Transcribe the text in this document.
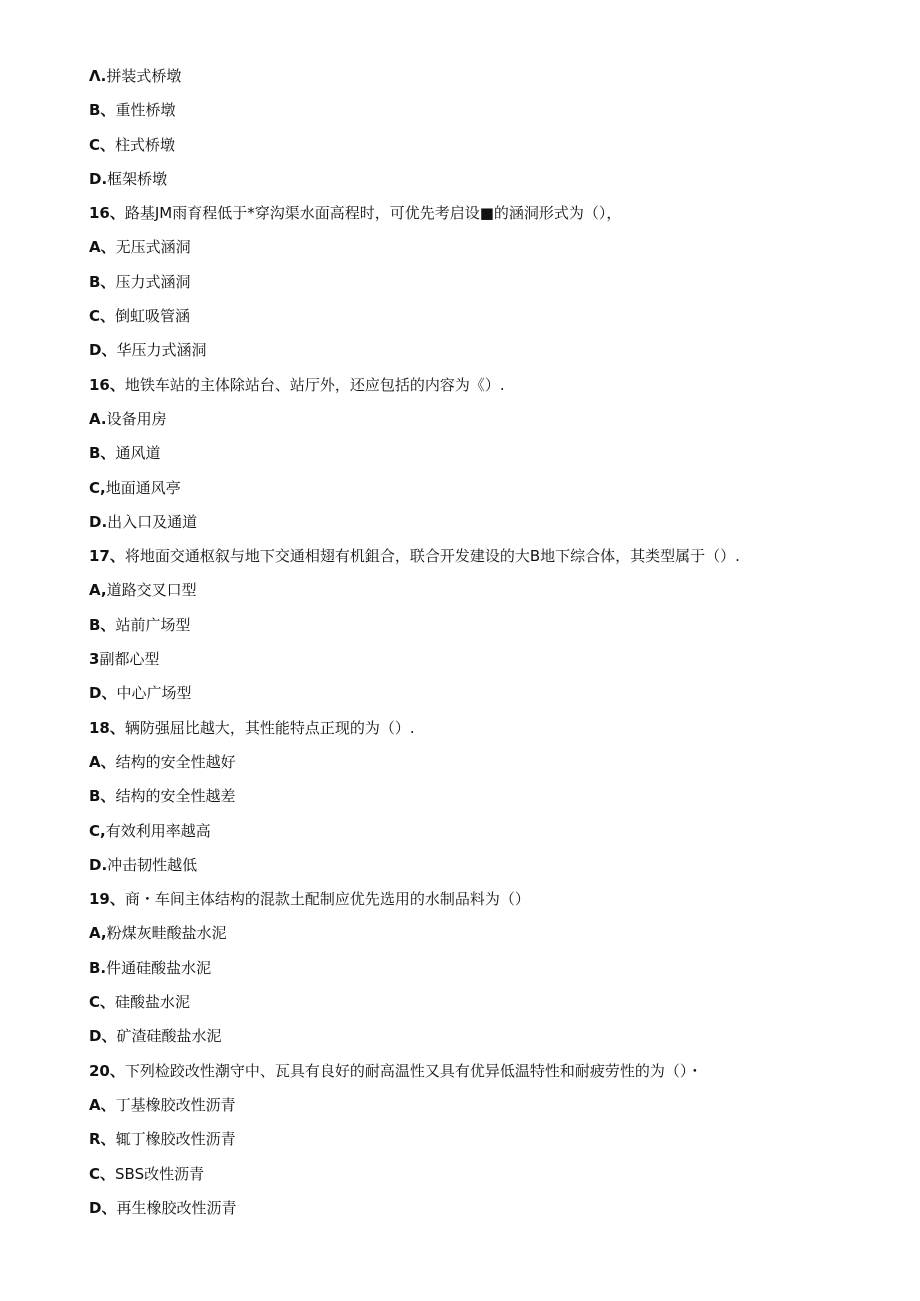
Λ.拼装式桥墩
B、重性桥墩
C、柱式桥墩
D.框架桥墩
16、路基JM雨育程低于*穿沟渠水面高程时，可优先考启设■的涵洞形式为（），
A、无压式涵洞
B、压力式涵洞
C、倒虹吸管涵
D、华压力式涵洞
16、地铁车站的主体除站台、站厅外，还应包括的内容为《）.
A.设备用房
B、通风道
C,地面通风亭
D.出入口及通道
17、将地面交通枢叙与地下交通相翅有机鉏合，联合开发建设的大B地下综合体，其类型属于（）.
A,道路交叉口型
B、站前广场型
3副都心型
D、中心广场型
18、辆防强屈比越大，其性能特点正现的为（）.
A、结构的安全性越好
B、结构的安全性越差
C,有效利用率越高
D.冲击韧性越低
19、商・车间主体结构的混款土配制应优先选用的水制品料为（）
A,粉煤灰畦酸盐水泥
B.件通硅酸盐水泥
C、硅酸盐水泥
D、矿渣硅酸盐水泥
20、下列检跤改性潮守中、瓦具有良好的耐高温性又具有优异低温特性和耐疲劳性的为（）・
A、丁基橡胶改性沥青
R、辄丁橡胶改性沥青
C、SBS改性沥青
D、再生橡胶改性沥青
